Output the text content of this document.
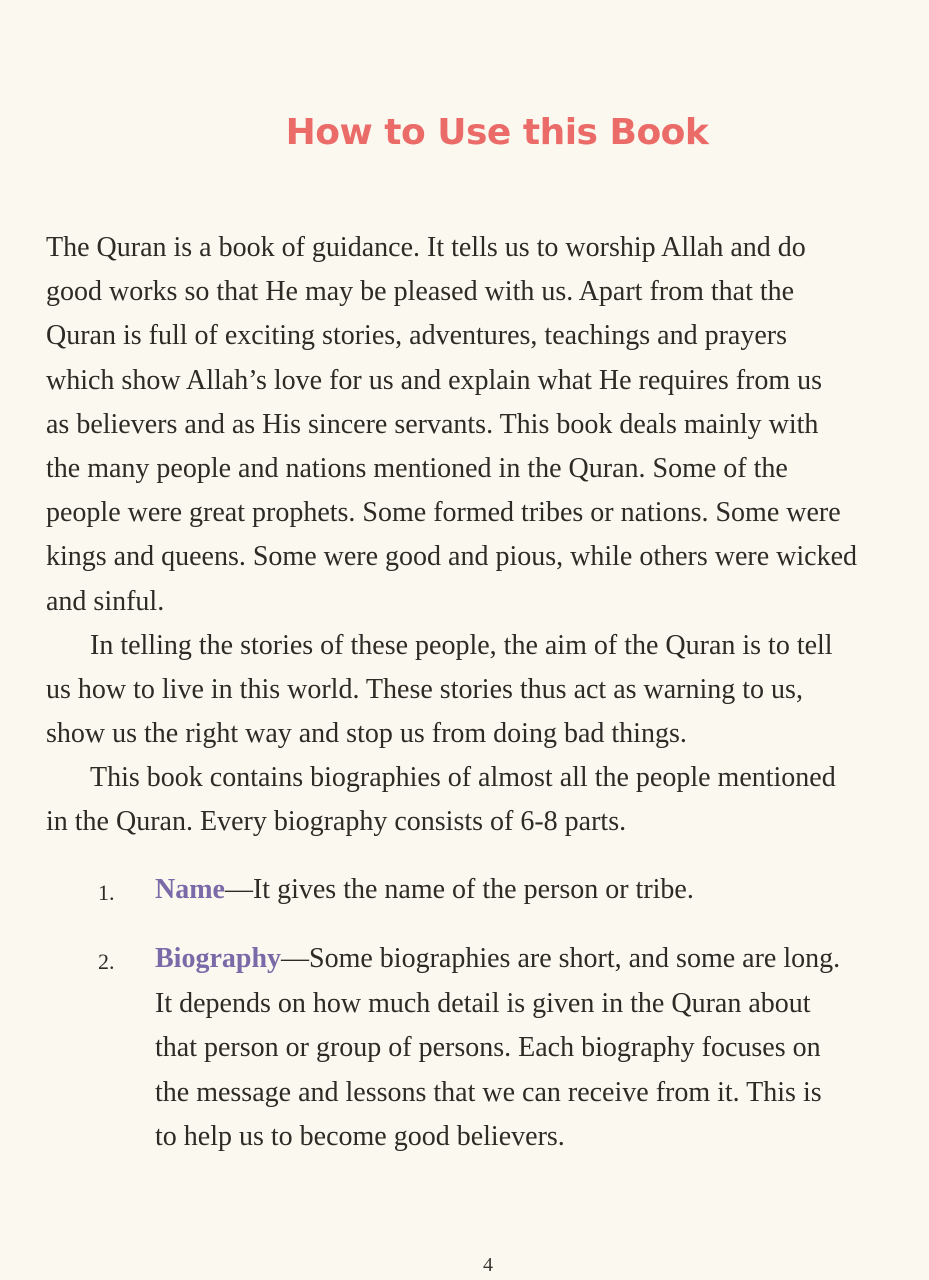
How to Use this Book
The Quran is a book of guidance. It tells us to worship Allah and do
good works so that He may be pleased with us. Apart from that the
Quran is full of exciting stories, adventures, teachings and prayers
which show Allah’s love for us and explain what He requires from us
as believers and as His sincere servants. This book deals mainly with
the many people and nations mentioned in the Quran. Some of the
people were great prophets. Some formed tribes or nations. Some were
kings and queens. Some were good and pious, while others were wicked
and sinful.
In telling the stories of these people, the aim of the Quran is to tell
us how to live in this world. These stories thus act as warning to us,
show us the right way and stop us from doing bad things.
This book contains biographies of almost all the people mentioned
in the Quran. Every biography consists of 6-8 parts.
1. Name—It gives the name of the person or tribe.
2. Biography—Some biographies are short, and some are long.
It depends on how much detail is given in the Quran about
that person or group of persons. Each biography focuses on
the message and lessons that we can receive from it. This is
to help us to become good believers.
4
